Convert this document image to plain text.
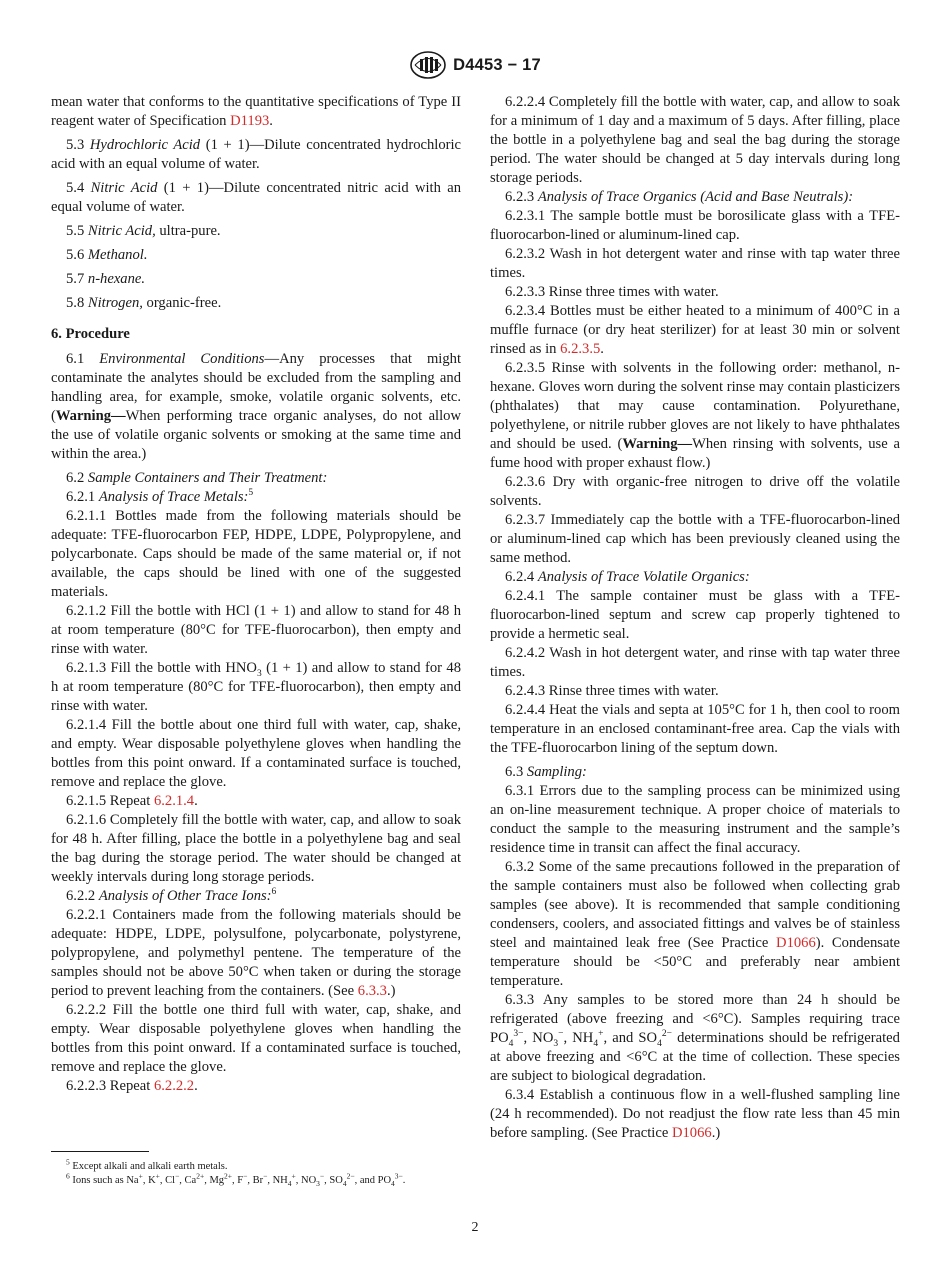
D4453 − 17

mean water that conforms to the quantitative specifications of Type II reagent water of Specification D1193.

5.3 Hydrochloric Acid (1 + 1)—Dilute concentrated hydrochloric acid with an equal volume of water.

5.4 Nitric Acid (1 + 1)—Dilute concentrated nitric acid with an equal volume of water.

5.5 Nitric Acid, ultra-pure.

5.6 Methanol.

5.7 n-hexane.

5.8 Nitrogen, organic-free.

6. Procedure

6.1 Environmental Conditions—Any processes that might contaminate the analytes should be excluded from the sampling and handling area, for example, smoke, volatile organic solvents, etc. (Warning—When performing trace organic analyses, do not allow the use of volatile organic solvents or smoking at the same time and within the area.)

6.2 Sample Containers and Their Treatment:

6.2.1 Analysis of Trace Metals:$^5$

6.2.1.1 Bottles made from the following materials should be adequate: TFE-fluorocarbon FEP, HDPE, LDPE, Polypropylene, and polycarbonate. Caps should be made of the same material or, if not available, the caps should be lined with one of the suggested materials.

6.2.1.2 Fill the bottle with HCl (1 + 1) and allow to stand for 48 h at room temperature (80°C for TFE-fluorocarbon), then empty and rinse with water.

6.2.1.3 Fill the bottle with $HNO_3$ (1 + 1) and allow to stand for 48 h at room temperature (80°C for TFE-fluorocarbon), then empty and rinse with water.

6.2.1.4 Fill the bottle about one third full with water, cap, shake, and empty. Wear disposable polyethylene gloves when handling the bottles from this point onward. If a contaminated surface is touched, remove and replace the glove.

6.2.1.5 Repeat 6.2.1.4.

6.2.1.6 Completely fill the bottle with water, cap, and allow to soak for 48 h. After filling, place the bottle in a polyethylene bag and seal the bag during the storage period. The water should be changed at weekly intervals during long storage periods.

6.2.2 Analysis of Other Trace Ions:$^6$

6.2.2.1 Containers made from the following materials should be adequate: HDPE, LDPE, polysulfone, polycarbonate, polystyrene, polypropylene, and polymethyl pentene. The temperature of the samples should not be above 50°C when taken or during the storage period to prevent leaching from the containers. (See 6.3.3.)

6.2.2.2 Fill the bottle one third full with water, cap, shake, and empty. Wear disposable polyethylene gloves when handling the bottles from this point onward. If a contaminated surface is touched, remove and replace the glove.

6.2.2.3 Repeat 6.2.2.2.

6.2.2.4 Completely fill the bottle with water, cap, and allow to soak for a minimum of 1 day and a maximum of 5 days. After filling, place the bottle in a polyethylene bag and seal the bag during the storage period. The water should be changed at 5 day intervals during long storage periods.

6.2.3 Analysis of Trace Organics (Acid and Base Neutrals):

6.2.3.1 The sample bottle must be borosilicate glass with a TFE-fluorocarbon-lined or aluminum-lined cap.

6.2.3.2 Wash in hot detergent water and rinse with tap water three times.

6.2.3.3 Rinse three times with water.

6.2.3.4 Bottles must be either heated to a minimum of 400°C in a muffle furnace (or dry heat sterilizer) for at least 30 min or solvent rinsed as in 6.2.3.5.

6.2.3.5 Rinse with solvents in the following order: methanol, n-hexane. Gloves worn during the solvent rinse may contain plasticizers (phthalates) that may cause contamination. Polyurethane, polyethylene, or nitrile rubber gloves are not likely to have phthalates and should be used. (Warning—When rinsing with solvents, use a fume hood with proper exhaust flow.)

6.2.3.6 Dry with organic-free nitrogen to drive off the volatile solvents.

6.2.3.7 Immediately cap the bottle with a TFE-fluorocarbon-lined or aluminum-lined cap which has been previously cleaned using the same method.

6.2.4 Analysis of Trace Volatile Organics:

6.2.4.1 The sample container must be glass with a TFE-fluorocarbon-lined septum and screw cap properly tightened to provide a hermetic seal.

6.2.4.2 Wash in hot detergent water, and rinse with tap water three times.

6.2.4.3 Rinse three times with water.

6.2.4.4 Heat the vials and septa at 105°C for 1 h, then cool to room temperature in an enclosed contaminant-free area. Cap the vials with the TFE-fluorocarbon lining of the septum down.

6.3 Sampling:

6.3.1 Errors due to the sampling process can be minimized using an on-line measurement technique. A proper choice of materials to conduct the sample to the measuring instrument and the sample’s residence time in transit can affect the final accuracy.

6.3.2 Some of the same precautions followed in the preparation of the sample containers must also be followed when collecting grab samples (see above). It is recommended that sample conditioning condensers, coolers, and associated fittings and valves be of stainless steel and maintained leak free (See Practice D1066). Condensate temperature should be <50°C and preferably near ambient temperature.

6.3.3 Any samples to be stored more than 24 h should be refrigerated (above freezing and <6°C). Samples requiring trace $PO_4^{3-}$, $NO_3^-$, $NH_4^+$, and $SO_4^{2-}$ determinations should be refrigerated at above freezing and <6°C at the time of collection. These species are subject to biological degradation.

6.3.4 Establish a continuous flow in a well-flushed sampling line (24 h recommended). Do not readjust the flow rate less than 45 min before sampling. (See Practice D1066.)

$^5$ Except alkali and alkali earth metals.

$^6$ Ions such as Na+, K+, Cl−, $Ca^{2+}$, $Mg^{2+}$, F−, Br−, $NH_4^+$, $NO_3^-$, $SO_4^{2-}$, and $PO_4^{3-}$.

2
